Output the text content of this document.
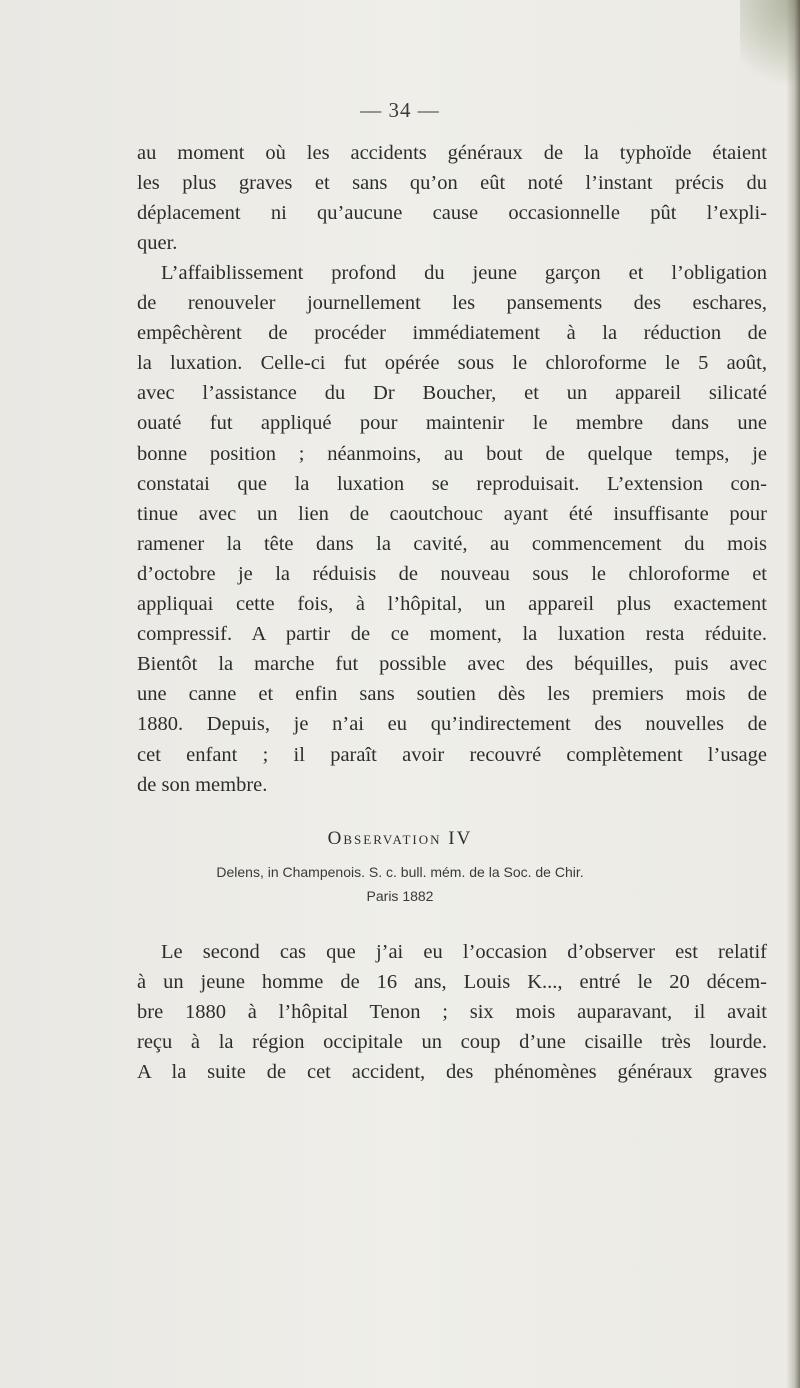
— 34 —
au moment où les accidents généraux de la typhoïde étaient
les plus graves et sans qu’on eût noté l’instant précis du
déplacement ni qu’aucune cause occasionnelle pût l’expli-
quer.
L’affaiblissement profond du jeune garçon et l’obligation
de renouveler journellement les pansements des eschares,
empêchèrent de procéder immédiatement à la réduction de
la luxation. Celle-ci fut opérée sous le chloroforme le 5 août,
avec l’assistance du Dr Boucher, et un appareil silicaté
ouaté fut appliqué pour maintenir le membre dans une
bonne position ; néanmoins, au bout de quelque temps, je
constatai que la luxation se reproduisait. L’extension con-
tinue avec un lien de caoutchouc ayant été insuffisante pour
ramener la tête dans la cavité, au commencement du mois
d’octobre je la réduisis de nouveau sous le chloroforme et
appliquai cette fois, à l’hôpital, un appareil plus exactement
compressif. A partir de ce moment, la luxation resta réduite.
Bientôt la marche fut possible avec des béquilles, puis avec
une canne et enfin sans soutien dès les premiers mois de
1880. Depuis, je n’ai eu qu’indirectement des nouvelles de
cet enfant ; il paraît avoir recouvré complètement l’usage
de son membre.
Observation IV
Delens, in Champenois. S. c. bull. mém. de la Soc. de Chir.
Paris 1882
Le second cas que j’ai eu l’occasion d’observer est relatif
à un jeune homme de 16 ans, Louis K..., entré le 20 décem-
bre 1880 à l’hôpital Tenon ; six mois auparavant, il avait
reçu à la région occipitale un coup d’une cisaille très lourde.
A la suite de cet accident, des phénomènes généraux graves
